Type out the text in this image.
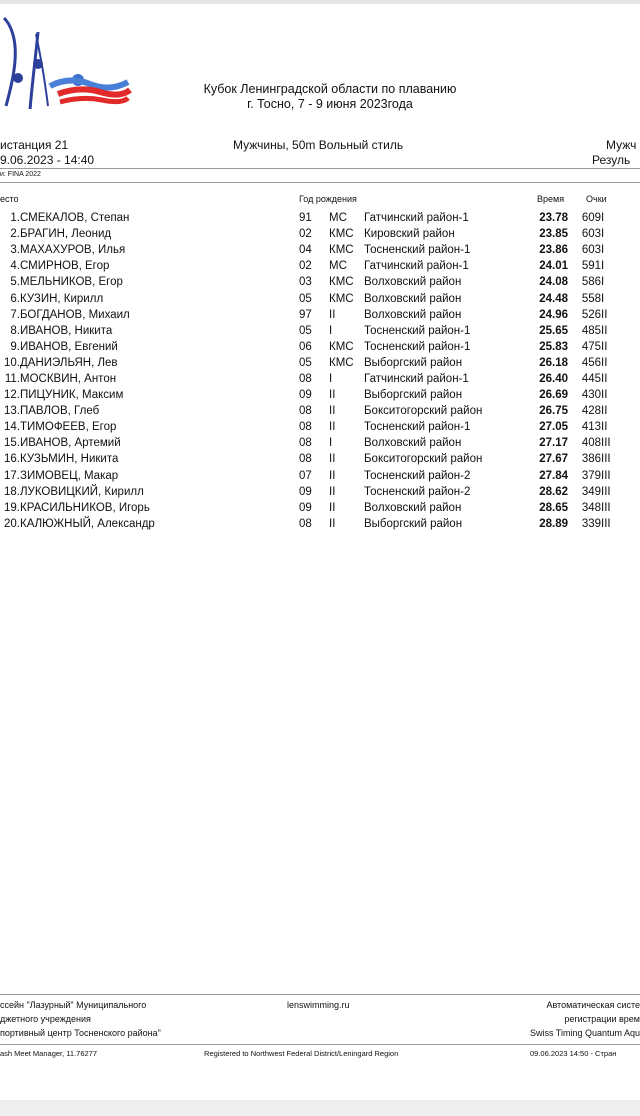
Кубок Ленинградской области по плаванию
г. Тосно, 7 - 9 июня 2023года
истанция 21	Мужчины, 50m Вольный стиль	Мужч
9.06.2023 - 14:40	Резуль
и: FINA 2022
есто	Год рождения	Время Очки
1.	СМЕКАЛОВ, Степан	91	МС	Гатчинский район-1	23.78	609	I
2.	БРАГИН, Леонид	02	КМС	Кировский район	23.85	603	I
3.	МАХАХУРОВ, Илья	04	КМС	Тосненский район-1	23.86	603	I
4.	СМИРНОВ, Егор	02	МС	Гатчинский район-1	24.01	591	I
5.	МЕЛЬНИКОВ, Егор	03	КМС	Волховский район	24.08	586	I
6.	КУЗИН, Кирилл	05	КМС	Волховский район	24.48	558	I
7.	БОГДАНОВ, Михаил	97	II	Волховский район	24.96	526	II
8.	ИВАНОВ, Никита	05	I	Тосненский район-1	25.65	485	II
9.	ИВАНОВ, Евгений	06	КМС	Тосненский район-1	25.83	475	II
10.	ДАНИЭЛЬЯН, Лев	05	КМС	Выборгский район	26.18	456	II
11.	МОСКВИН, Антон	08	I	Гатчинский район-1	26.40	445	II
12.	ПИЦУНИК, Максим	09	II	Выборгский район	26.69	430	II
13.	ПАВЛОВ, Глеб	08	II	Бокситогорский район	26.75	428	II
14.	ТИМОФЕЕВ, Егор	08	II	Тосненский район-1	27.05	413	II
15.	ИВАНОВ, Артемий	08	I	Волховский район	27.17	408	III
16.	КУЗЬМИН, Никита	08	II	Бокситогорский район	27.67	386	III
17.	ЗИМОВЕЦ, Макар	07	II	Тосненский район-2	27.84	379	III
18.	ЛУКОВИЦКИЙ, Кирилл	09	II	Тосненский район-2	28.62	349	III
19.	КРАСИЛЬНИКОВ, Игорь	09	II	Волховский район	28.65	348	III
20.	КАЛЮЖНЫЙ, Александр	08	II	Выборгский район	28.89	339	III
ссейн "Лазурный" Муниципального
джетного учреждения
портивный центр Тосненского района"
lenswimming.ru	Автоматическая систе
регистрации врем
Swiss Timing Quantum Aqu
ash Meet Manager, 11.76277	Registered to Northwest Federal District/Leningard Region	09.06.2023 14:50 - Стран
